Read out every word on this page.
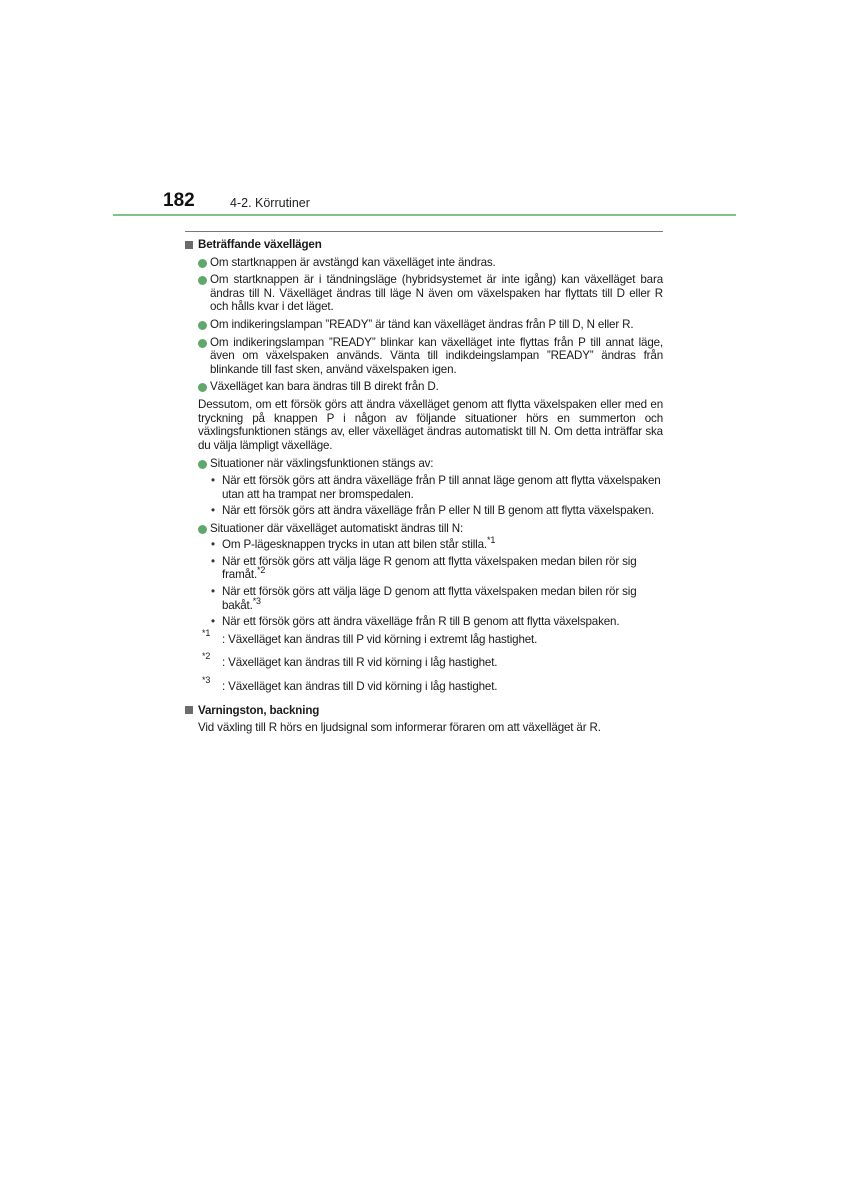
182	4-2. Körrutiner
Beträffande växellägen
Om startknappen är avstängd kan växelläget inte ändras.
Om startknappen är i tändningsläge (hybridsystemet är inte igång) kan växelläget bara ändras till N. Växelläget ändras till läge N även om växelspaken har flyttats till D eller R och hålls kvar i det läget.
Om indikeringslampan ”READY” är tänd kan växelläget ändras från P till D, N eller R.
Om indikeringslampan ”READY” blinkar kan växelläget inte flyttas från P till annat läge, även om växelspaken används. Vänta till indikdeingslampan ”READY” ändras från blinkande till fast sken, använd växelspaken igen.
Växelläget kan bara ändras till B direkt från D.
Dessutom, om ett försök görs att ändra växelläget genom att flytta växelspaken eller med en tryckning på knappen P i någon av följande situationer hörs en summerton och växlingsfunktionen stängs av, eller växelläget ändras automatiskt till N. Om detta inträffar ska du välja lämpligt växelläge.
Situationer när växlingsfunktionen stängs av:
• När ett försök görs att ändra växelläge från P till annat läge genom att flytta växelspaken utan att ha trampat ner bromspedalen.
• När ett försök görs att ändra växelläge från P eller N till B genom att flytta växelspaken.
Situationer där växelläget automatiskt ändras till N:
• Om P-lägesknappen trycks in utan att bilen står stilla.$^{*1}$
• När ett försök görs att välja läge R genom att flytta växelspaken medan bilen rör sig framåt.$^{*2}$
• När ett försök görs att välja läge D genom att flytta växelspaken medan bilen rör sig bakåt.$^{*3}$
• När ett försök görs att ändra växelläge från R till B genom att flytta växelspaken.
*1	: Växelläget kan ändras till P vid körning i extremt låg hastighet.
*2	: Växelläget kan ändras till R vid körning i låg hastighet.
*3	: Växelläget kan ändras till D vid körning i låg hastighet.
Varningston, backning
Vid växling till R hörs en ljudsignal som informerar föraren om att växelläget är R.
